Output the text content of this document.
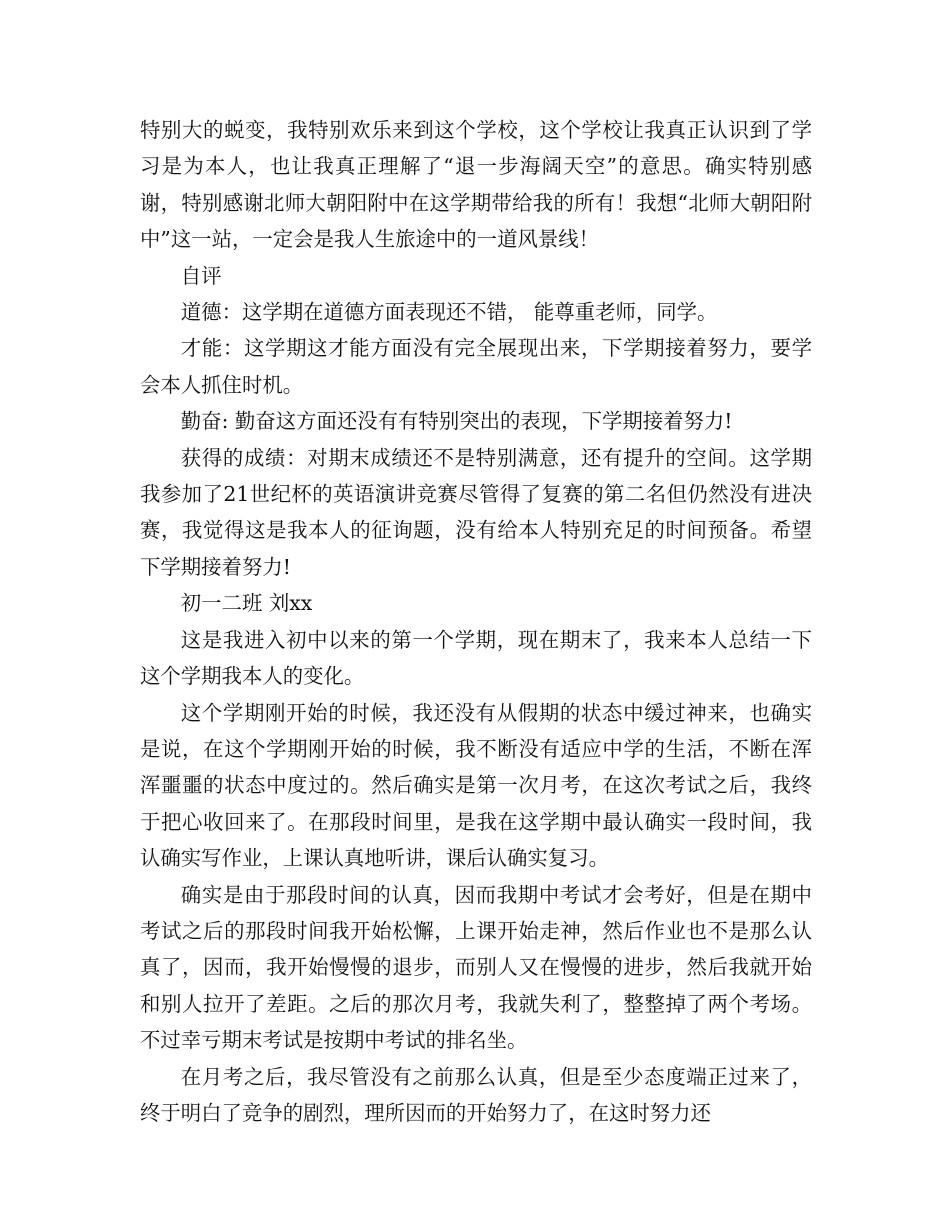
特别大的蜕变，我特别欢乐来到这个学校，这个学校让我真正认识到了学习是为本人，也让我真正理解了“退一步海阔天空”的意思。确实特别感谢，特别感谢北师大朝阳附中在这学期带给我的所有！我想“北师大朝阳附中”这一站，一定会是我人生旅途中的一道风景线！

自评

道德：这学期在道德方面表现还不错， 能尊重老师，同学。

才能：这学期这才能方面没有完全展现出来，下学期接着努力，要学会本人抓住时机。

勤奋: 勤奋这方面还没有有特别突出的表现，下学期接着努力!

获得的成绩：对期末成绩还不是特别满意，还有提升的空间。这学期我参加了21世纪杯的英语演讲竞赛尽管得了复赛的第二名但仍然没有进决赛，我觉得这是我本人的征询题，没有给本人特别充足的时间预备。希望下学期接着努力!

初一二班 刘xx

这是我进入初中以来的第一个学期，现在期末了，我来本人总结一下这个学期我本人的变化。

这个学期刚开始的时候，我还没有从假期的状态中缓过神来，也确实是说，在这个学期刚开始的时候，我不断没有适应中学的生活，不断在浑浑噩噩的状态中度过的。然后确实是第一次月考，在这次考试之后，我终于把心收回来了。在那段时间里，是我在这学期中最认确实一段时间，我认确实写作业，上课认真地听讲，课后认确实复习。

确实是由于那段时间的认真，因而我期中考试才会考好，但是在期中考试之后的那段时间我开始松懈，上课开始走神，然后作业也不是那么认真了，因而，我开始慢慢的退步，而别人又在慢慢的进步，然后我就开始和别人拉开了差距。之后的那次月考，我就失利了，整整掉了两个考场。不过幸亏期末考试是按期中考试的排名坐。

在月考之后，我尽管没有之前那么认真，但是至少态度端正过来了，终于明白了竞争的剧烈，理所因而的开始努力了，在这时努力还
